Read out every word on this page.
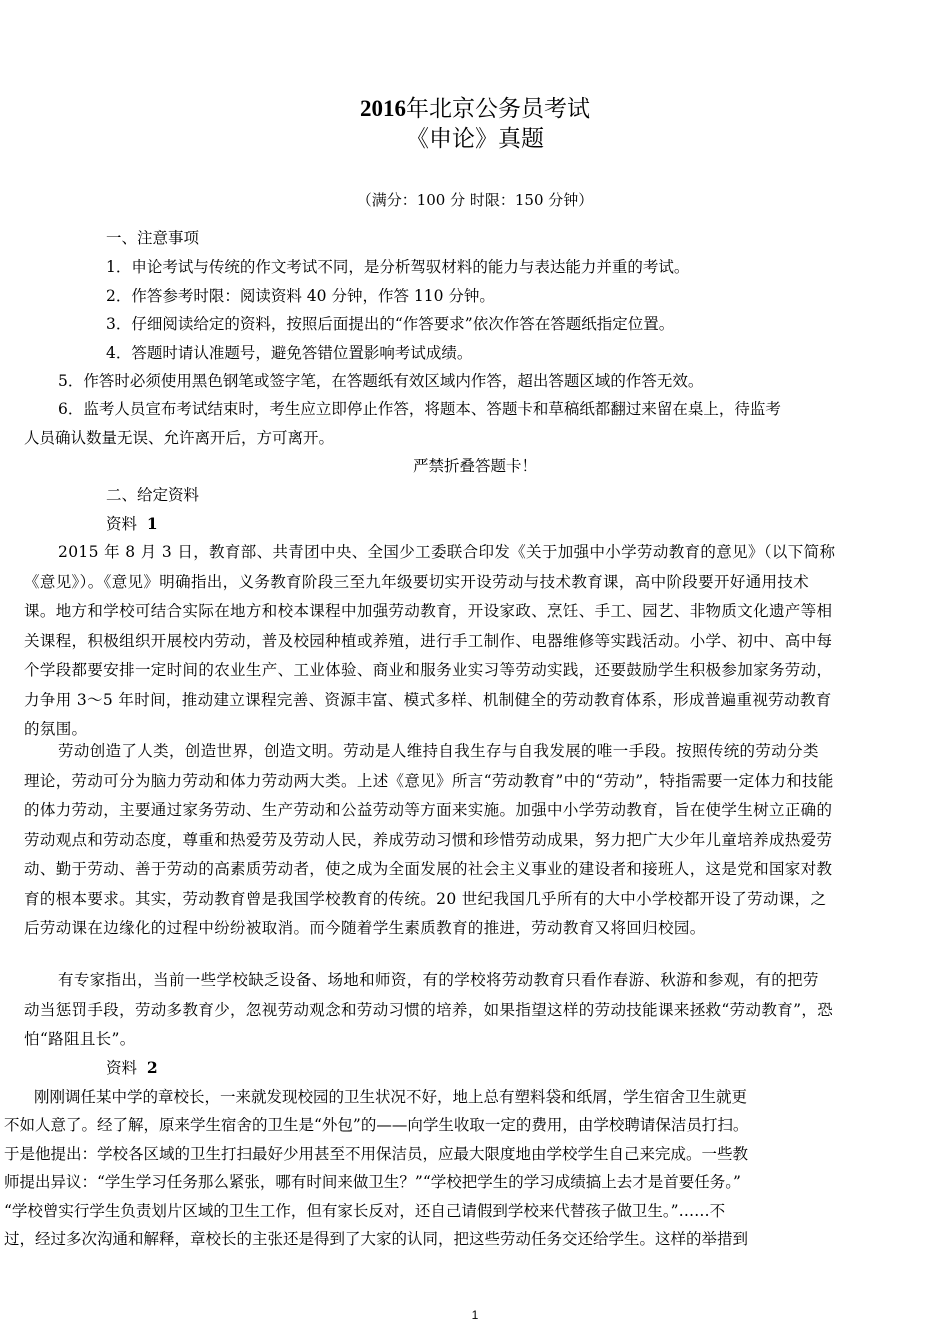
2016年北京公务员考试
《申论》真题
（满分：100 分 时限：150 分钟）
一、注意事项
1．申论考试与传统的作文考试不同，是分析驾驭材料的能力与表达能力并重的考试。
2．作答参考时限：阅读资料 40 分钟，作答 110 分钟。
3．仔细阅读给定的资料，按照后面提出的“作答要求”依次作答在答题纸指定位置。
4．答题时请认准题号，避免答错位置影响考试成绩。
5．作答时必须使用黑色钢笔或签字笔，在答题纸有效区域内作答，超出答题区域的作答无效。
6．监考人员宣布考试结束时，考生应立即停止作答，将题本、答题卡和草稿纸都翻过来留在桌上，待监考
人员确认数量无误、允许离开后，方可离开。
严禁折叠答题卡！
二、给定资料
资料 1
2015 年 8 月 3 日，教育部、共青团中央、全国少工委联合印发《关于加强中小学劳动教育的意见》（以下简称《意见》）。《意见》明确指出，义务教育阶段三至九年级要切实开设劳动与技术教育课，高中阶段要开好通用技术课。地方和学校可结合实际在地方和校本课程中加强劳动教育，开设家政、烹饪、手工、园艺、非物质文化遗产等相关课程，积极组织开展校内劳动，普及校园种植或养殖，进行手工制作、电器维修等实践活动。小学、初中、高中每个学段都要安排一定时间的农业生产、工业体验、商业和服务业实习等劳动实践，还要鼓励学生积极参加家务劳动，力争用 3～5 年时间，推动建立课程完善、资源丰富、模式多样、机制健全的劳动教育体系，形成普遍重视劳动教育的氛围。
劳动创造了人类，创造世界，创造文明。劳动是人维持自我生存与自我发展的唯一手段。按照传统的劳动分类理论，劳动可分为脑力劳动和体力劳动两大类。上述《意见》所言“劳动教育”中的“劳动”，特指需要一定体力和技能的体力劳动，主要通过家务劳动、生产劳动和公益劳动等方面来实施。加强中小学劳动教育，旨在使学生树立正确的劳动观点和劳动态度，尊重和热爱劳及劳动人民，养成劳动习惯和珍惜劳动成果，努力把广大少年儿童培养成热爱劳动、勤于劳动、善于劳动的高素质劳动者，使之成为全面发展的社会主义事业的建设者和接班人，这是党和国家对教育的根本要求。其实，劳动教育曾是我国学校教育的传统。20 世纪我国几乎所有的大中小学校都开设了劳动课，之后劳动课在边缘化的过程中纷纷被取消。而今随着学生素质教育的推进，劳动教育又将回归校园。
有专家指出，当前一些学校缺乏设备、场地和师资，有的学校将劳动教育只看作春游、秋游和参观，有的把劳动当惩罚手段，劳动多教育少，忽视劳动观念和劳动习惯的培养，如果指望这样的劳动技能课来拯救“劳动教育”，恐怕“路阻且长”。
资料 2
刚刚调任某中学的章校长，一来就发现校园的卫生状况不好，地上总有塑料袋和纸屑，学生宿舍卫生就更
不如人意了。经了解，原来学生宿舍的卫生是“外包”的——向学生收取一定的费用，由学校聘请保洁员打扫。
于是他提出：学校各区域的卫生打扫最好少用甚至不用保洁员，应最大限度地由学校学生自己来完成。一些教
师提出异议：“学生学习任务那么紧张，哪有时间来做卫生？”“学校把学生的学习成绩搞上去才是首要任务。”
“学校曾实行学生负责划片区域的卫生工作，但有家长反对，还自己请假到学校来代替孩子做卫生。”……不
过，经过多次沟通和解释，章校长的主张还是得到了大家的认同，把这些劳动任务交还给学生。这样的举措到
1
